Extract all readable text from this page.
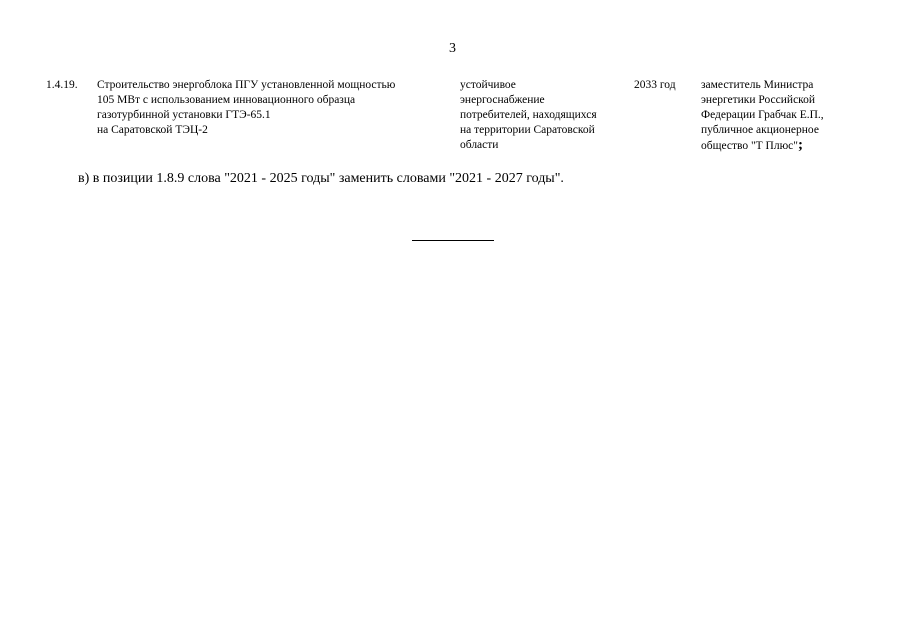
3
1.4.19. Строительство энергоблока ПГУ установленной мощностью
105 МВт с использованием инновационного образца
газотурбинной установки ГТЭ-65.1
на Саратовской ТЭЦ-2
устойчивое
энергоснабжение
потребителей, находящихся
на территории Саратовской
области
2033 год заместитель Министра
энергетики Российской
Федерации Грабчак Е.П.,
публичное акционерное
общество "Т Плюс";
в) в позиции 1.8.9 слова "2021 - 2025 годы" заменить словами "2021 - 2027 годы".
